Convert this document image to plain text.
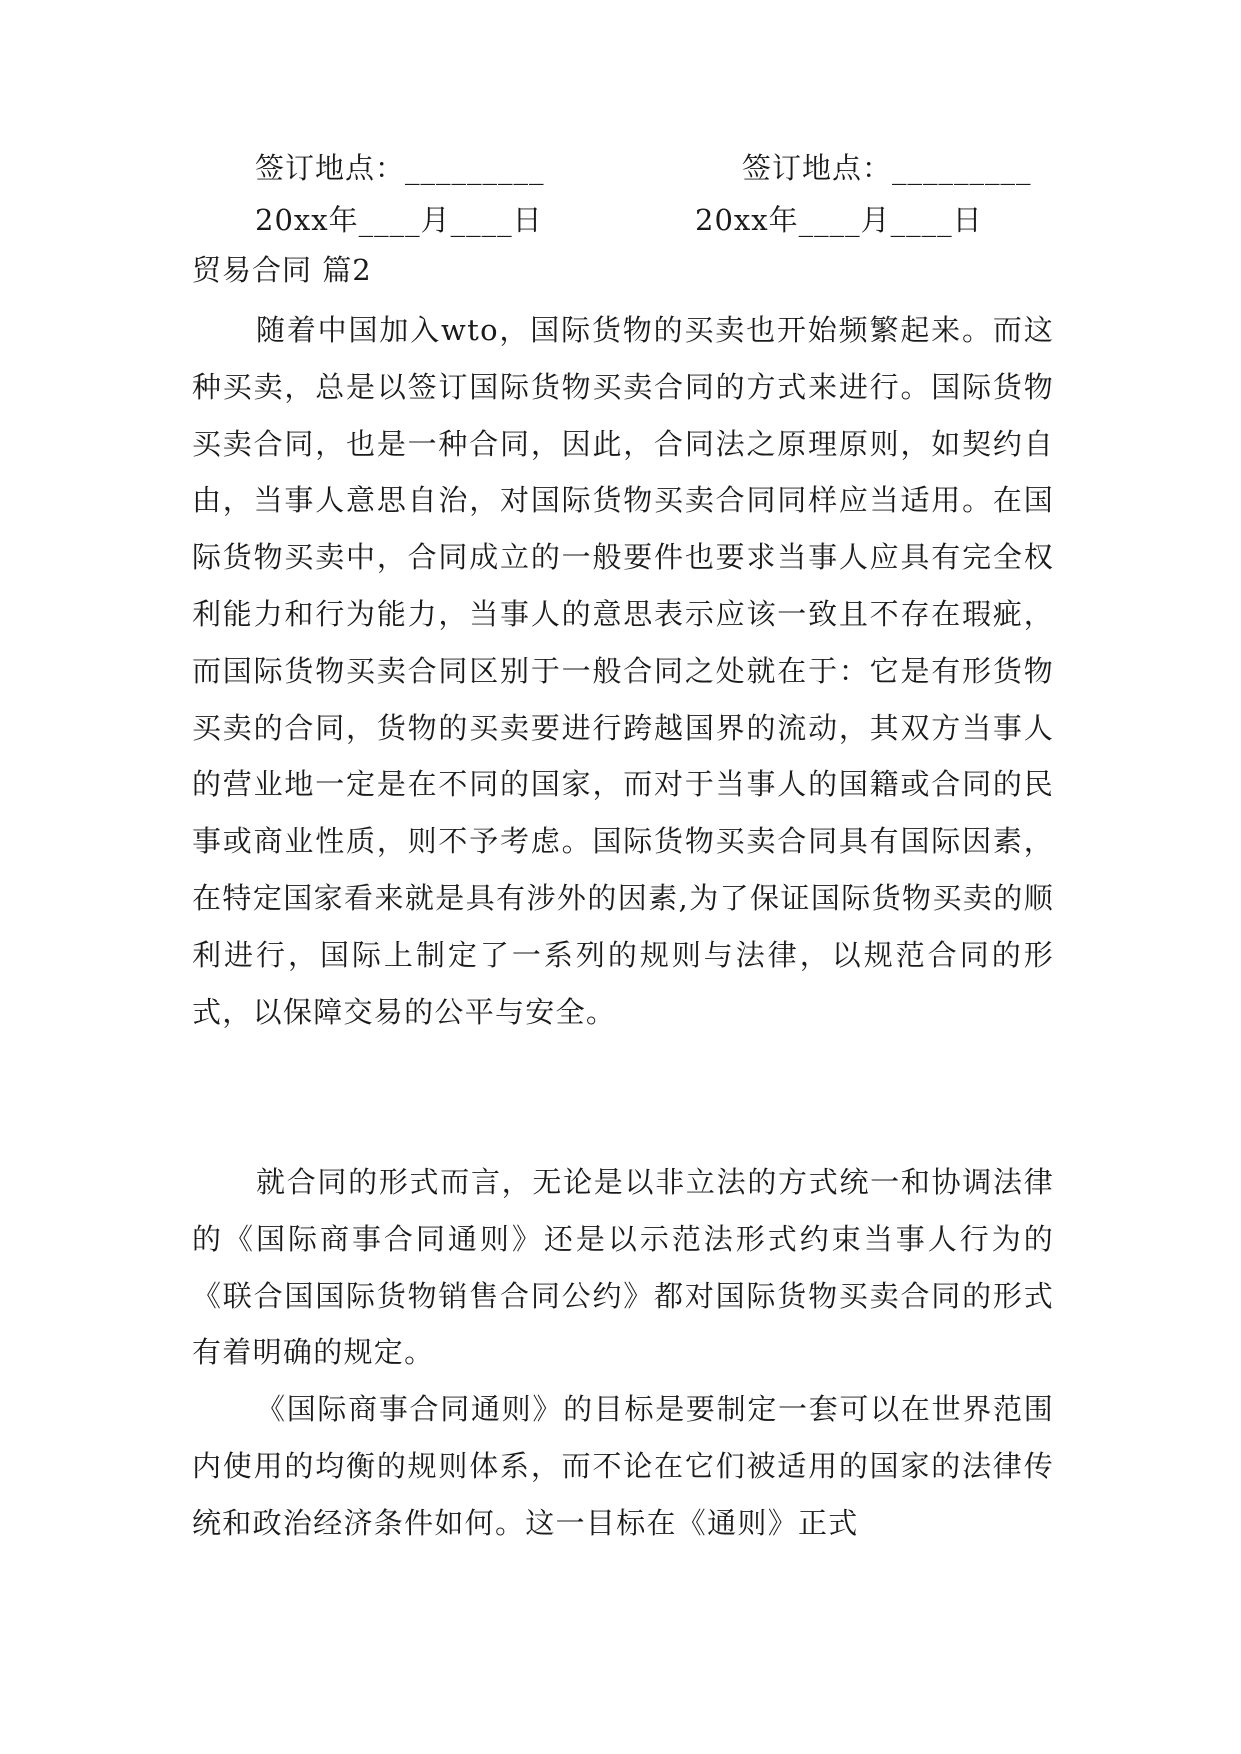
签订地点：_________	签订地点：_________
20xx年____月____日	20xx年____月____日
贸易合同 篇2

随着中国加入wto，国际货物的买卖也开始频繁起来。而这种买卖，总是以签订国际货物买卖合同的方式来进行。国际货物买卖合同，也是一种合同，因此，合同法之原理原则，如契约自由，当事人意思自治，对国际货物买卖合同同样应当适用。在国际货物买卖中，合同成立的一般要件也要求当事人应具有完全权利能力和行为能力，当事人的意思表示应该一致且不存在瑕疵，而国际货物买卖合同区别于一般合同之处就在于：它是有形货物买卖的合同，货物的买卖要进行跨越国界的流动，其双方当事人的营业地一定是在不同的国家，而对于当事人的国籍或合同的民事或商业性质，则不予考虑。国际货物买卖合同具有国际因素，在特定国家看来就是具有涉外的因素,为了保证国际货物买卖的顺利进行，国际上制定了一系列的规则与法律，以规范合同的形式，以保障交易的公平与安全。

就合同的形式而言，无论是以非立法的方式统一和协调法律的《国际商事合同通则》还是以示范法形式约束当事人行为的《联合国国际货物销售合同公约》都对国际货物买卖合同的形式有着明确的规定。

《国际商事合同通则》的目标是要制定一套可以在世界范围内使用的均衡的规则体系，而不论在它们被适用的国家的法律传统和政治经济条件如何。这一目标在《通则》正式
